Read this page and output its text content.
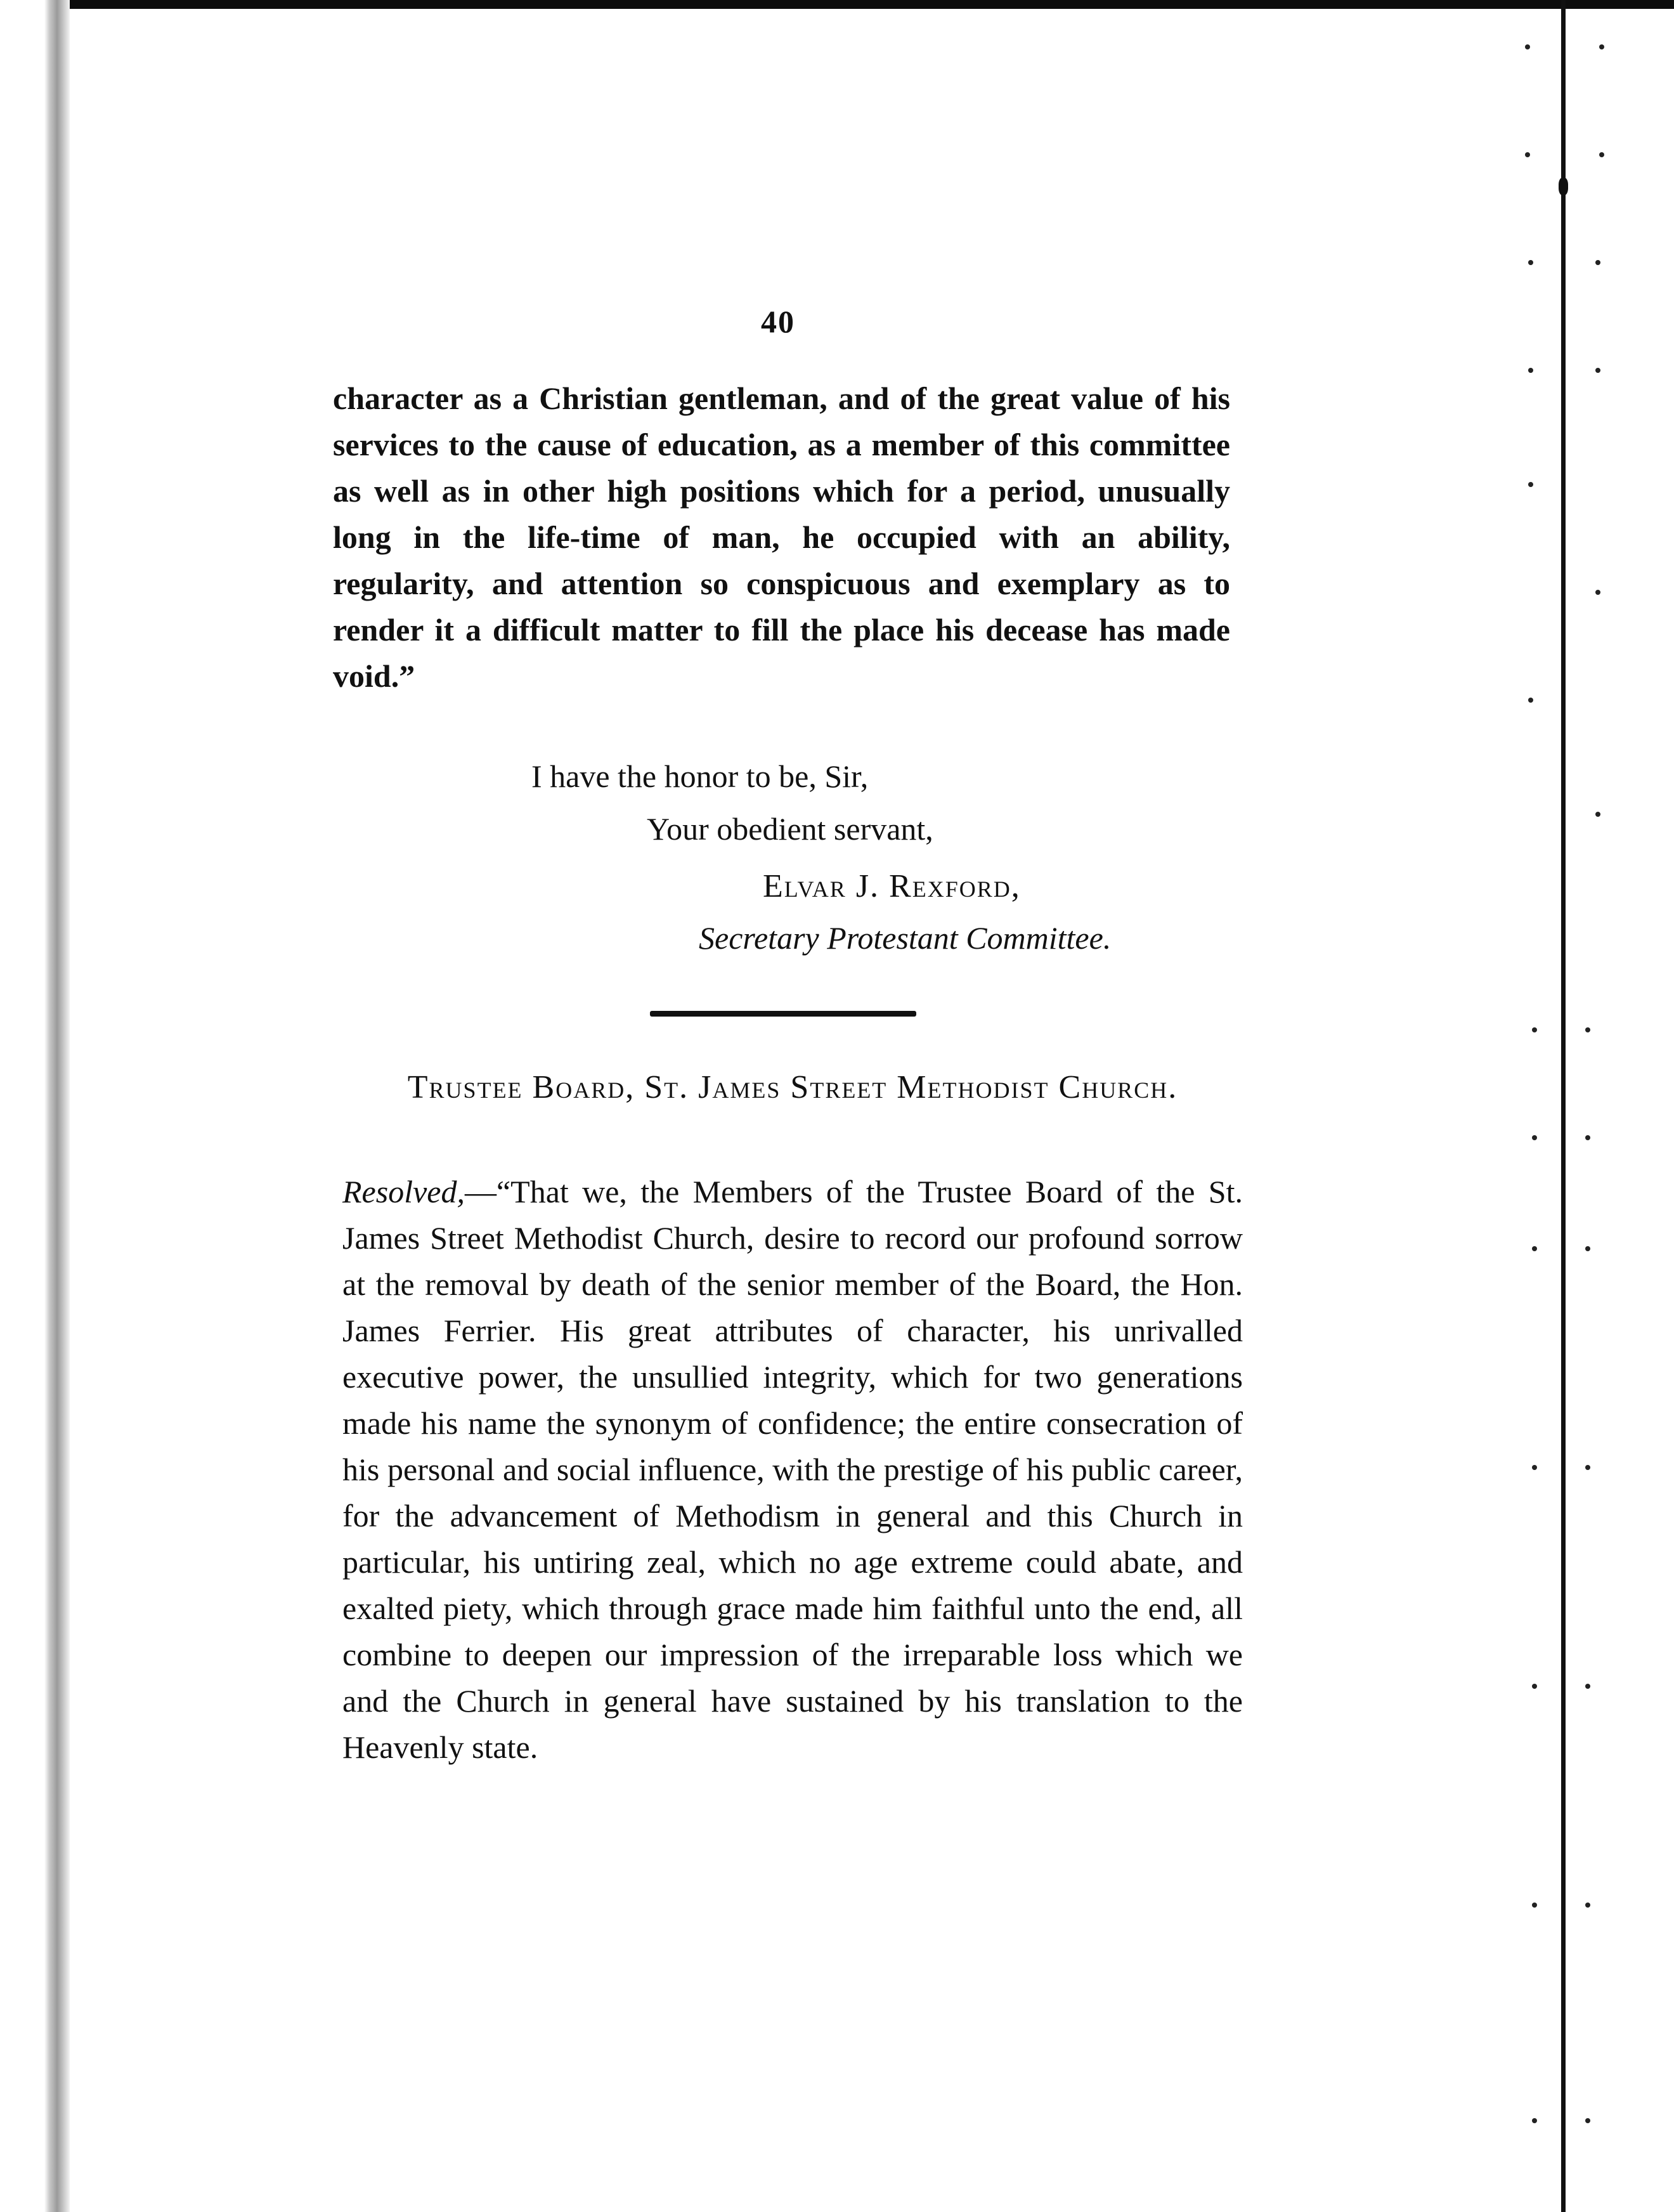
40

character as a Christian gentleman, and of the great value of his services to the cause of education, as a member of this committee as well as in other high positions which for a period, unusually long in the life-time of man, he occupied with an ability, regularity, and attention so conspicuous and exemplary as to render it a difficult matter to fill the place his decease has made void.”

I have the honor to be, Sir,
Your obedient servant,
Elvar J. Rexford,
Secretary Protestant Committee.
Trustee Board, St. James Street Methodist Church.

Resolved,—“That we, the Members of the Trustee Board of the St. James Street Methodist Church, desire to record our profound sorrow at the removal by death of the senior member of the Board, the Hon. James Ferrier. His great attributes of character, his unrivalled executive power, the unsullied integrity, which for two generations made his name the synonym of confidence; the entire consecration of his personal and social influence, with the prestige of his public career, for the advancement of Methodism in general and this Church in particular, his untiring zeal, which no age extreme could abate, and exalted piety, which through grace made him faithful unto the end, all combine to deepen our impression of the irreparable loss which we and the Church in general have sustained by his translation to the Heavenly state.
